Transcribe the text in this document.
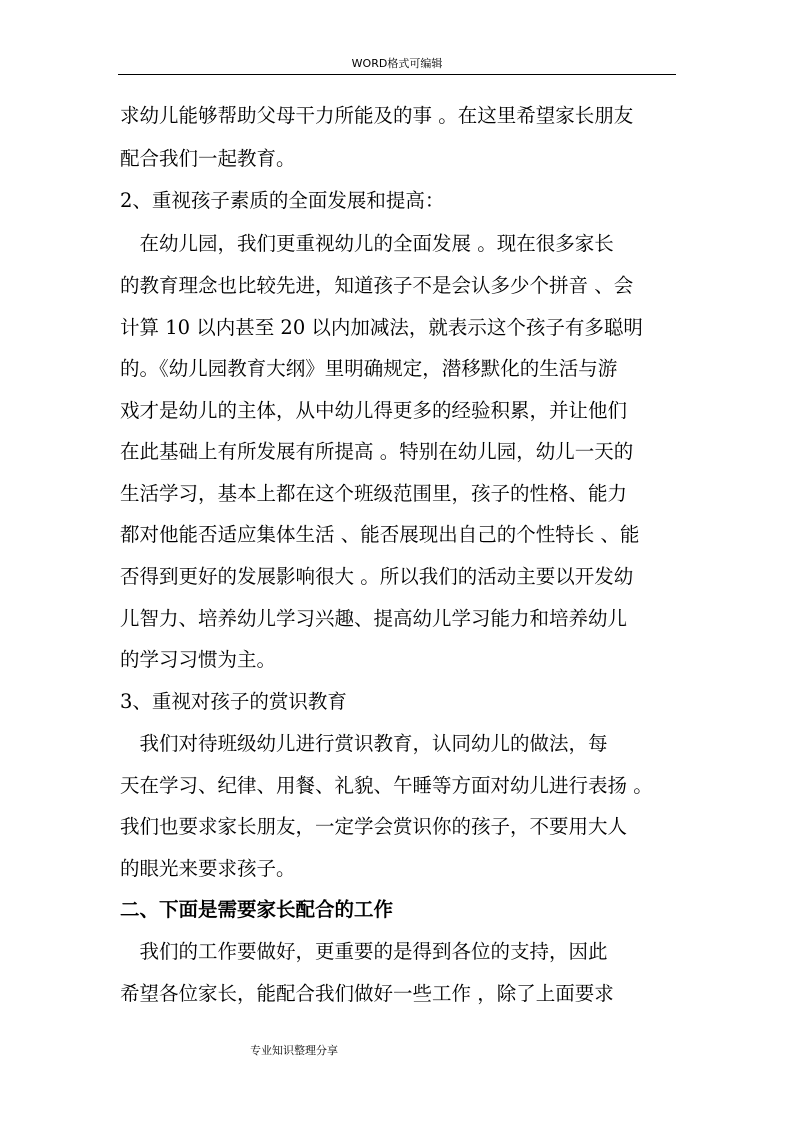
WORD格式可编辑

求幼儿能够帮助父母干力所能及的事 。在这里希望家长朋友

配合我们一起教育。

2、重视孩子素质的全面发展和提高：

　在幼儿园，我们更重视幼儿的全面发展 。现在很多家长

的教育理念也比较先进，知道孩子不是会认多少个拼音 、会

计算 10 以内甚至 20 以内加减法，就表示这个孩子有多聪明

的。《幼儿园教育大纲》里明确规定，潜移默化的生活与游

戏才是幼儿的主体，从中幼儿得更多的经验积累，并让他们

在此基础上有所发展有所提高 。特别在幼儿园，幼儿一天的

生活学习，基本上都在这个班级范围里，孩子的性格、能力

都对他能否适应集体生活 、能否展现出自己的个性特长 、能

否得到更好的发展影响很大 。所以我们的活动主要以开发幼

儿智力、培养幼儿学习兴趣、提高幼儿学习能力和培养幼儿

的学习习惯为主。

3、重视对孩子的赏识教育

　我们对待班级幼儿进行赏识教育，认同幼儿的做法，每

天在学习、纪律、用餐、礼貌、午睡等方面对幼儿进行表扬 。

我们也要求家长朋友，一定学会赏识你的孩子，不要用大人

的眼光来要求孩子。

二、下面是需要家长配合的工作

　我们的工作要做好，更重要的是得到各位的支持，因此

希望各位家长，能配合我们做好一些工作 ，除了上面要求

专业知识整理分享
